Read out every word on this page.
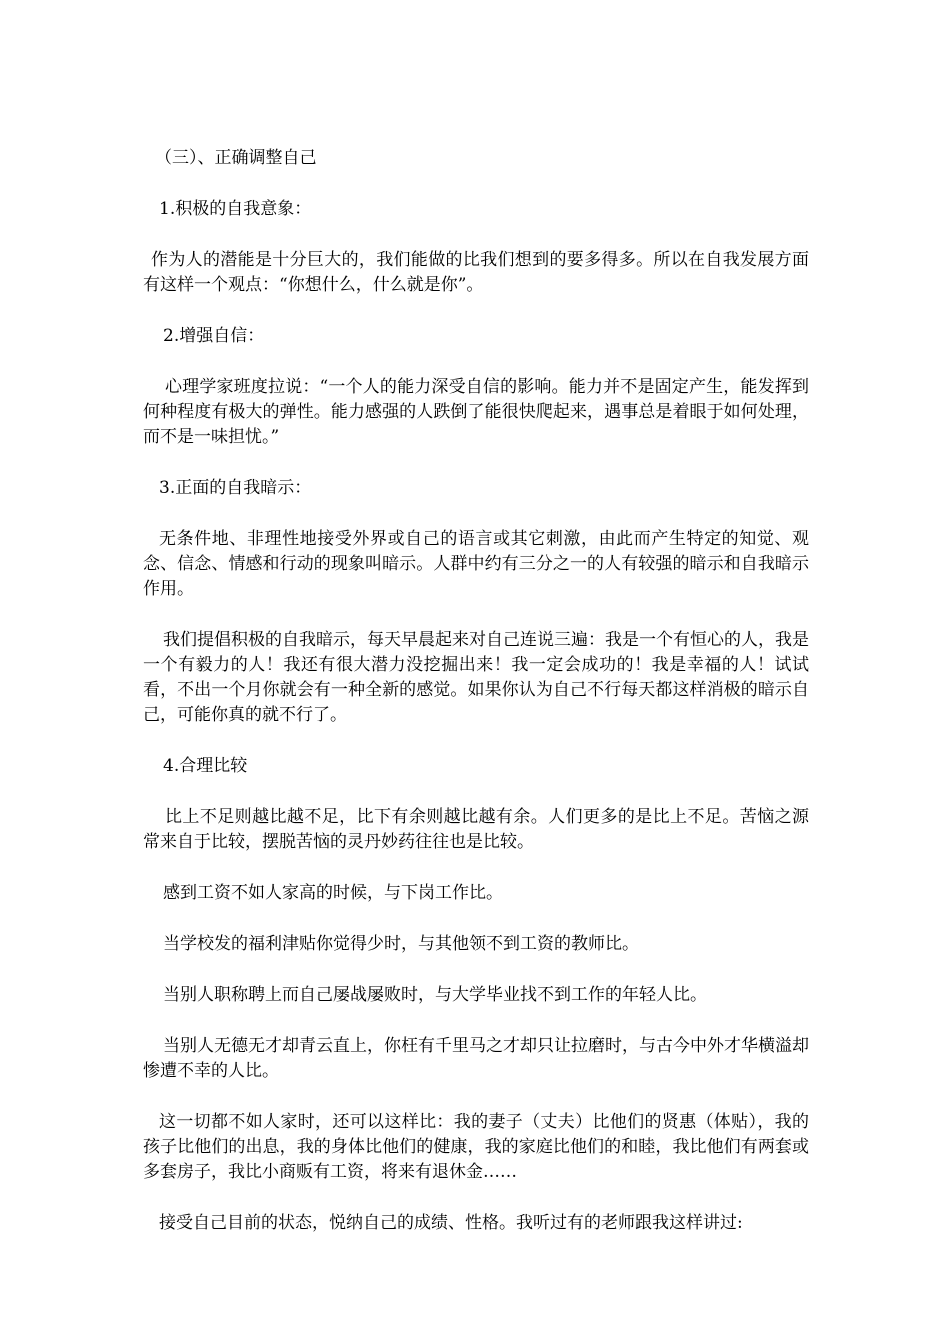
（三）、正确调整自己

1.积极的自我意象：

作为人的潜能是十分巨大的，我们能做的比我们想到的要多得多。所以在自我发展方面有这样一个观点：“你想什么，什么就是你”。

2.增强自信：

心理学家班度拉说：“一个人的能力深受自信的影响。能力并不是固定产生，能发挥到何种程度有极大的弹性。能力感强的人跌倒了能很快爬起来，遇事总是着眼于如何处理，而不是一味担忧。”

3.正面的自我暗示：

无条件地、非理性地接受外界或自己的语言或其它刺激，由此而产生特定的知觉、观念、信念、情感和行动的现象叫暗示。人群中约有三分之一的人有较强的暗示和自我暗示作用。

我们提倡积极的自我暗示，每天早晨起来对自己连说三遍：我是一个有恒心的人，我是一个有毅力的人！我还有很大潜力没挖掘出来！我一定会成功的！我是幸福的人！试试看，不出一个月你就会有一种全新的感觉。如果你认为自己不行每天都这样消极的暗示自己，可能你真的就不行了。

4.合理比较

比上不足则越比越不足，比下有余则越比越有余。人们更多的是比上不足。苦恼之源常来自于比较，摆脱苦恼的灵丹妙药往往也是比较。

感到工资不如人家高的时候，与下岗工作比。

当学校发的福利津贴你觉得少时，与其他领不到工资的教师比。

当别人职称聘上而自己屡战屡败时，与大学毕业找不到工作的年轻人比。

当别人无德无才却青云直上，你枉有千里马之才却只让拉磨时，与古今中外才华横溢却惨遭不幸的人比。

这一切都不如人家时，还可以这样比：我的妻子（丈夫）比他们的贤惠（体贴），我的孩子比他们的出息，我的身体比他们的健康，我的家庭比他们的和睦，我比他们有两套或多套房子，我比小商贩有工资，将来有退休金……

接受自己目前的状态，悦纳自己的成绩、性格。我听过有的老师跟我这样讲过:
